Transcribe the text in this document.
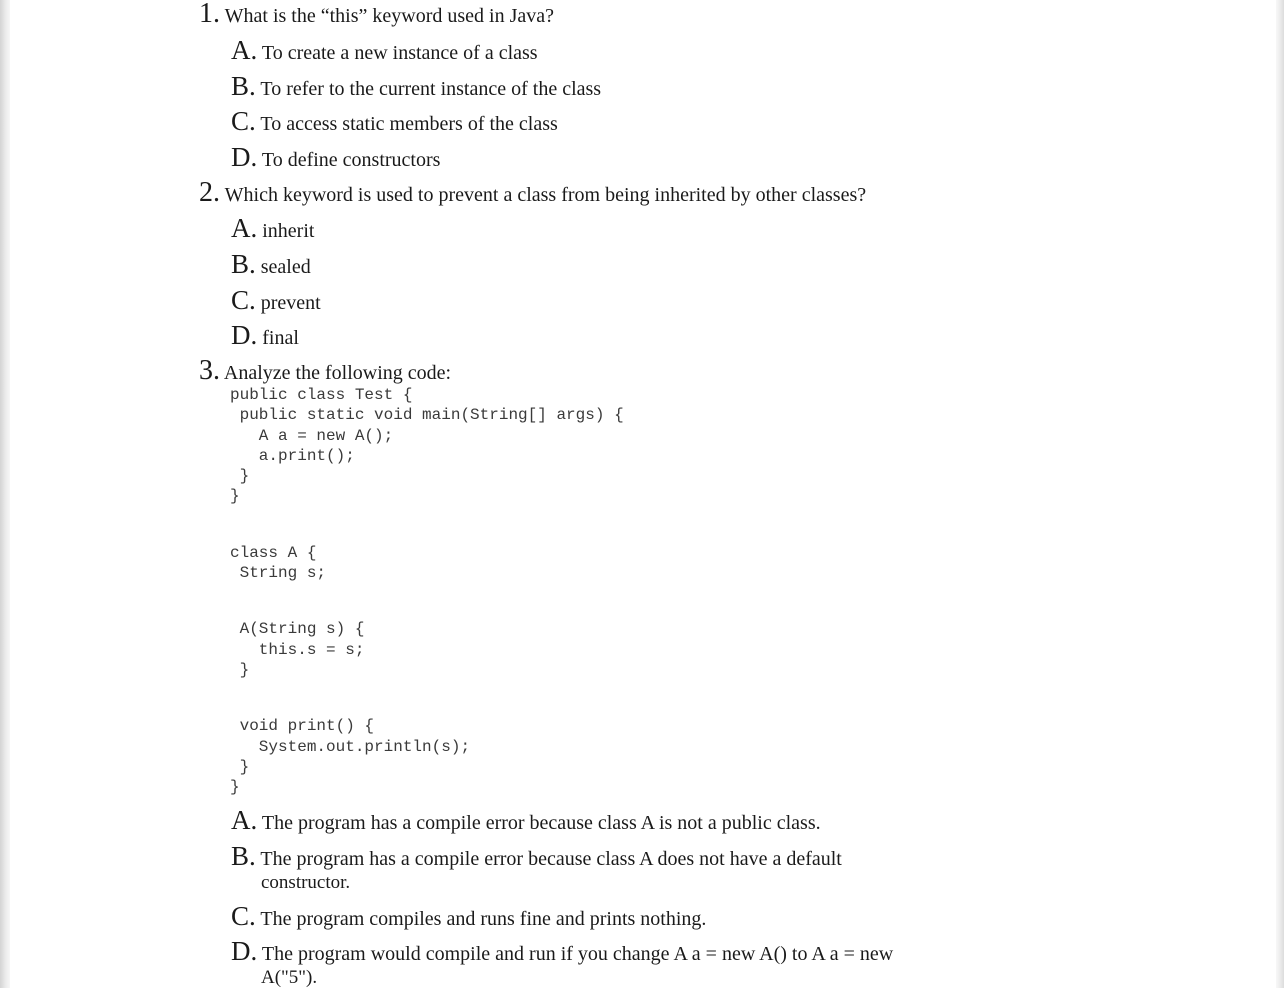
1. What is the “this” keyword used in Java?
A. To create a new instance of a class
B. To refer to the current instance of the class
C. To access static members of the class
D. To define constructors
2. Which keyword is used to prevent a class from being inherited by other classes?
A. inherit
B. sealed
C. prevent
D. final
3. Analyze the following code:
public class Test {
public static void main(String[] args) {
A a = new A();
a.print();
}
}
class A {
String s;
A(String s) {
this.s = s;
}
void print() {
System.out.println(s);
}
}
A. The program has a compile error because class A is not a public class.
B. The program has a compile error because class A does not have a default
constructor.
C. The program compiles and runs fine and prints nothing.
D. The program would compile and run if you change A a = new A() to A a = new
A("5").
